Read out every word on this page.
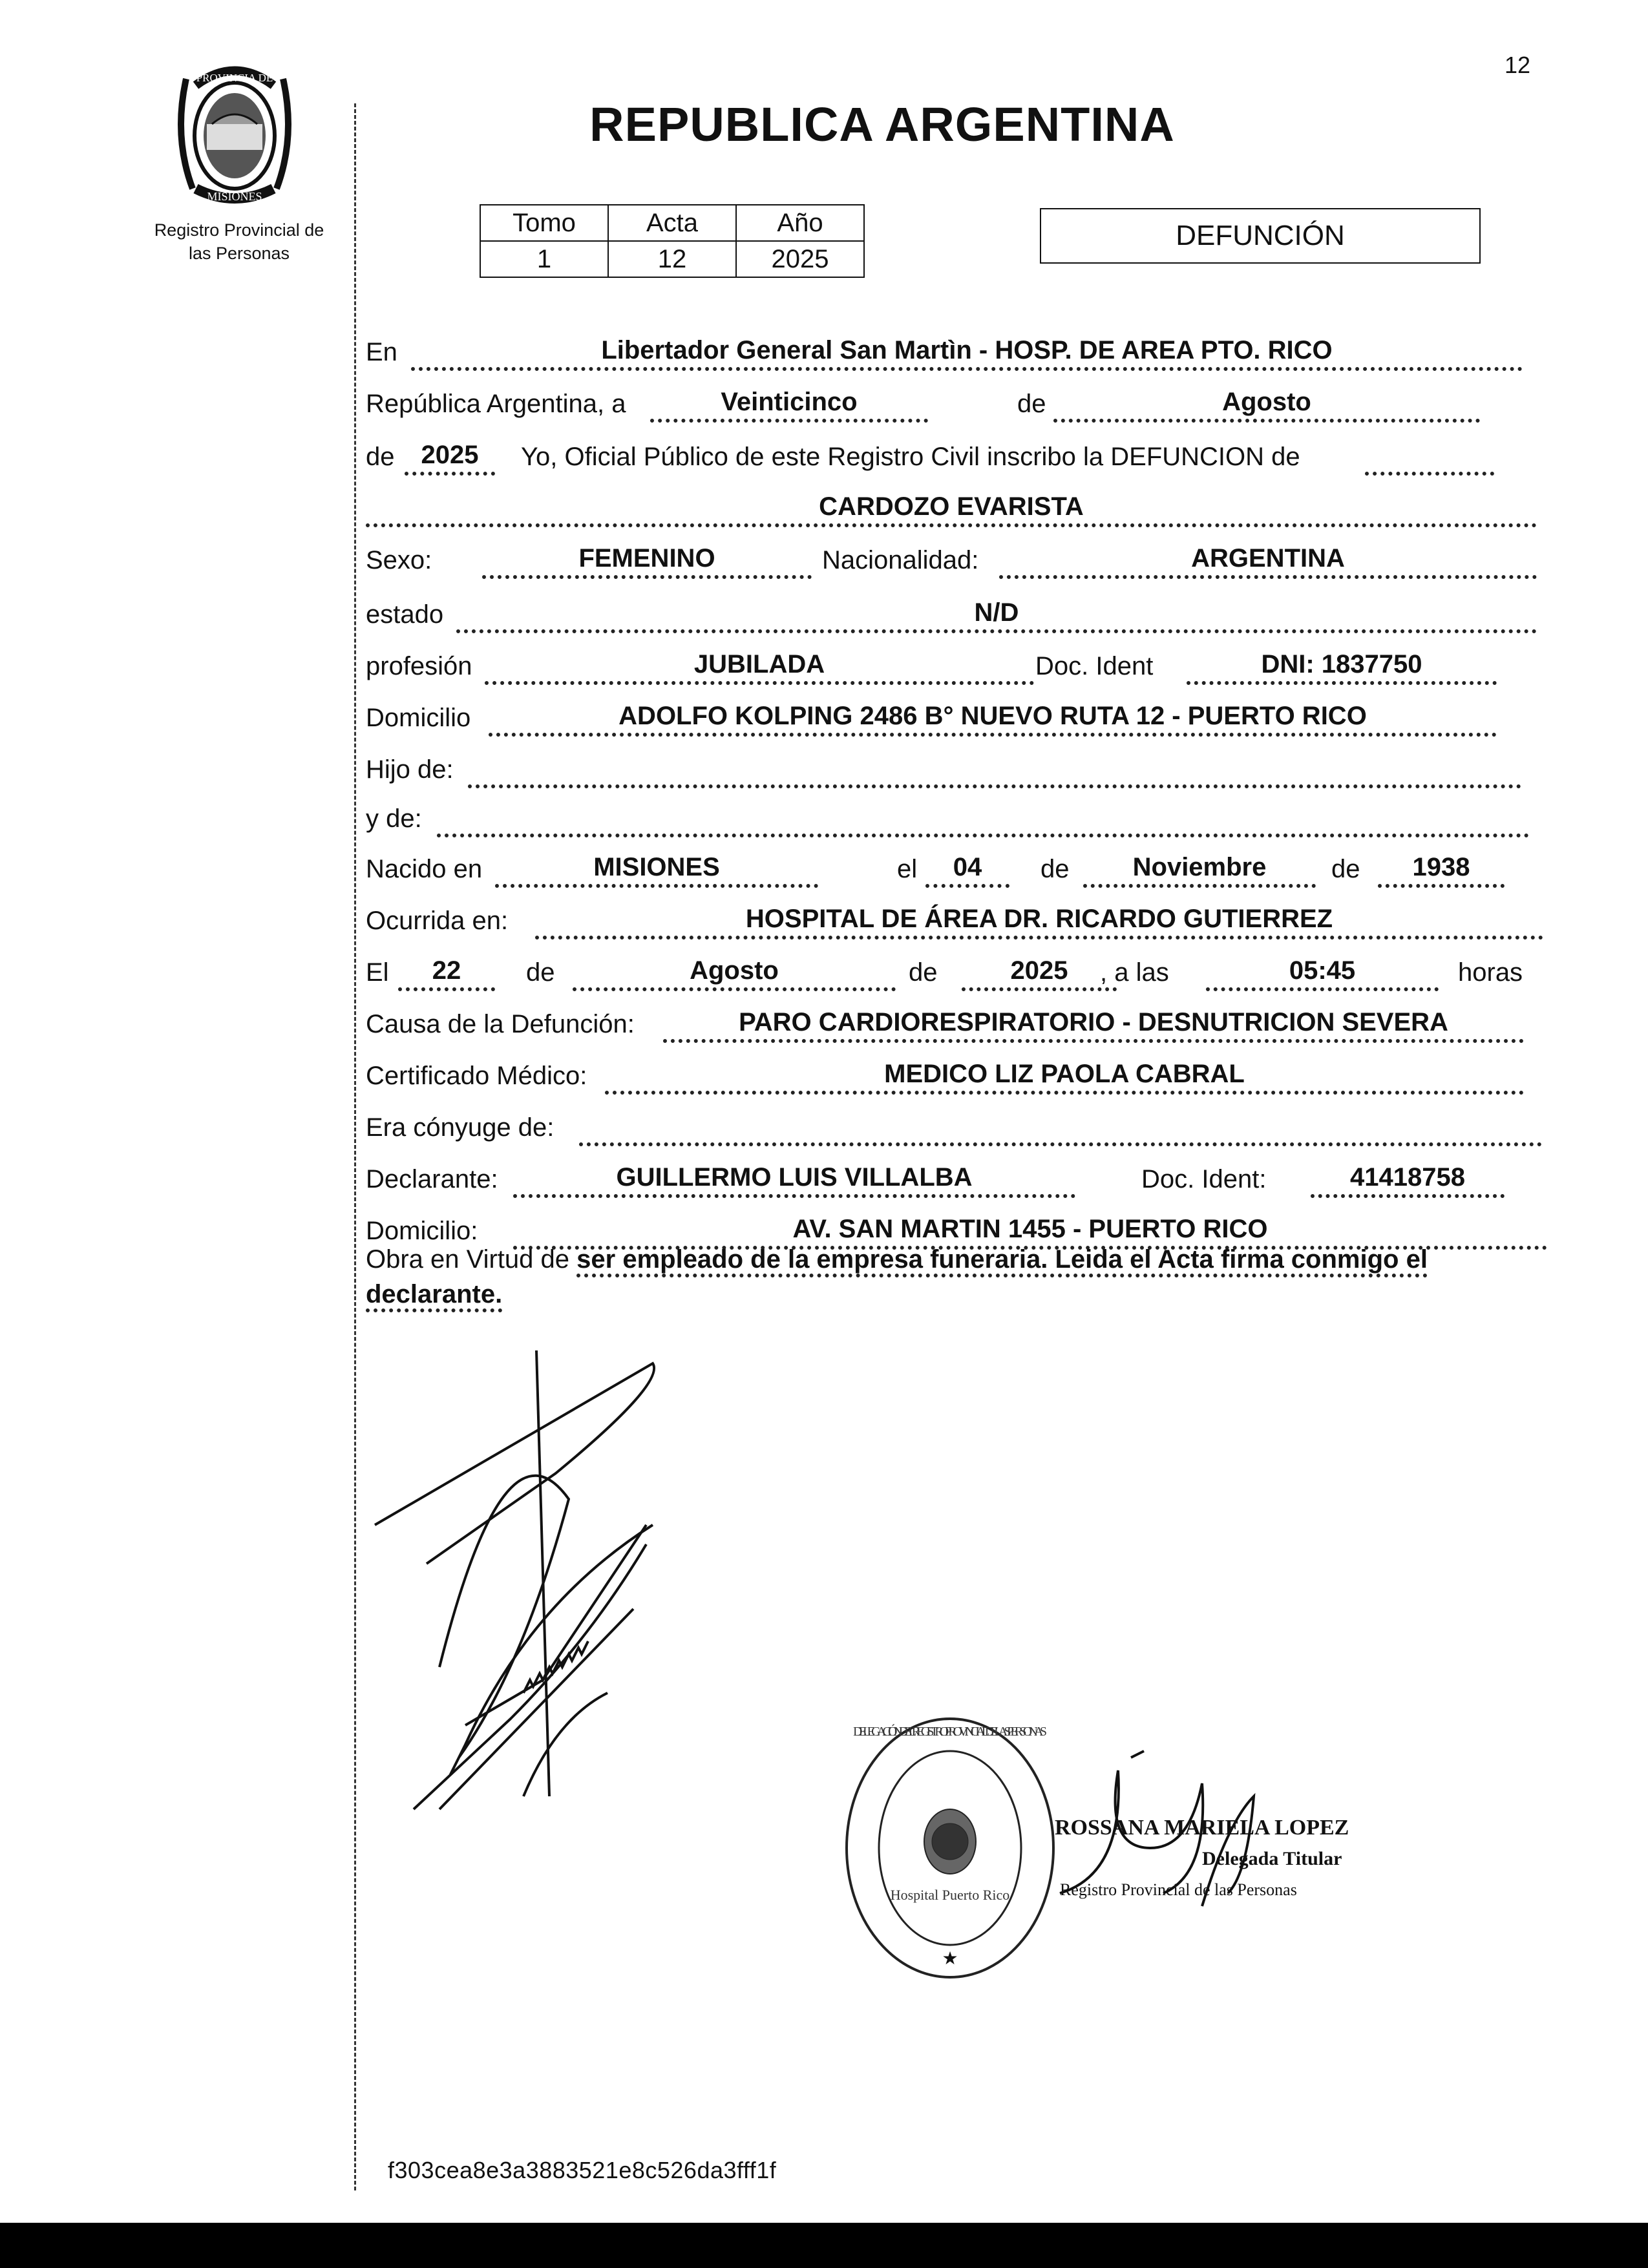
12
PROVINCIA DE
MISIONES
Registro Provincial de
las Personas
REPUBLICA ARGENTINA
Tomo	Acta	Año
1	12	2025
DEFUNCIÓN
En	Libertador General San Martìn - HOSP. DE AREA PTO. RICO
República Argentina, a	Veinticinco	de	Agosto
de	2025	Yo, Oficial Público de este Registro Civil inscribo la DEFUNCION de
CARDOZO EVARISTA
Sexo:	FEMENINO	Nacionalidad:	ARGENTINA
estado	N/D
profesión	JUBILADA	Doc. Ident	DNI: 1837750
Domicilio	ADOLFO KOLPING 2486 B° NUEVO RUTA 12 - PUERTO RICO
Hijo de:
y de:
Nacido en	MISIONES	el	04	de	Noviembre	de	1938
Ocurrida en:	HOSPITAL DE ÁREA DR. RICARDO GUTIERREZ
El	22	de	Agosto	de	2025	, a las	05:45	horas
Causa de la Defunción:	PARO CARDIORESPIRATORIO - DESNUTRICION SEVERA
Certificado Médico:	MEDICO LIZ PAOLA CABRAL
Era cónyuge de:
Declarante:	GUILLERMO LUIS VILLALBA	Doc. Ident:	41418758
Domicilio:	AV. SAN MARTIN 1455 - PUERTO RICO
Obra en Virtud de ser empleado de la empresa funeraria. Leida el Acta firma conmigo el declarante.
DELEGACIÓN DEL REGISTRO PROVINCIAL DE LAS PERSONAS
Hospital Puerto Rico
★
ROSSANA MARIELA LOPEZ
Delegada Titular
Registro Provincial de las Personas
f303cea8e3a3883521e8c526da3fff1f
